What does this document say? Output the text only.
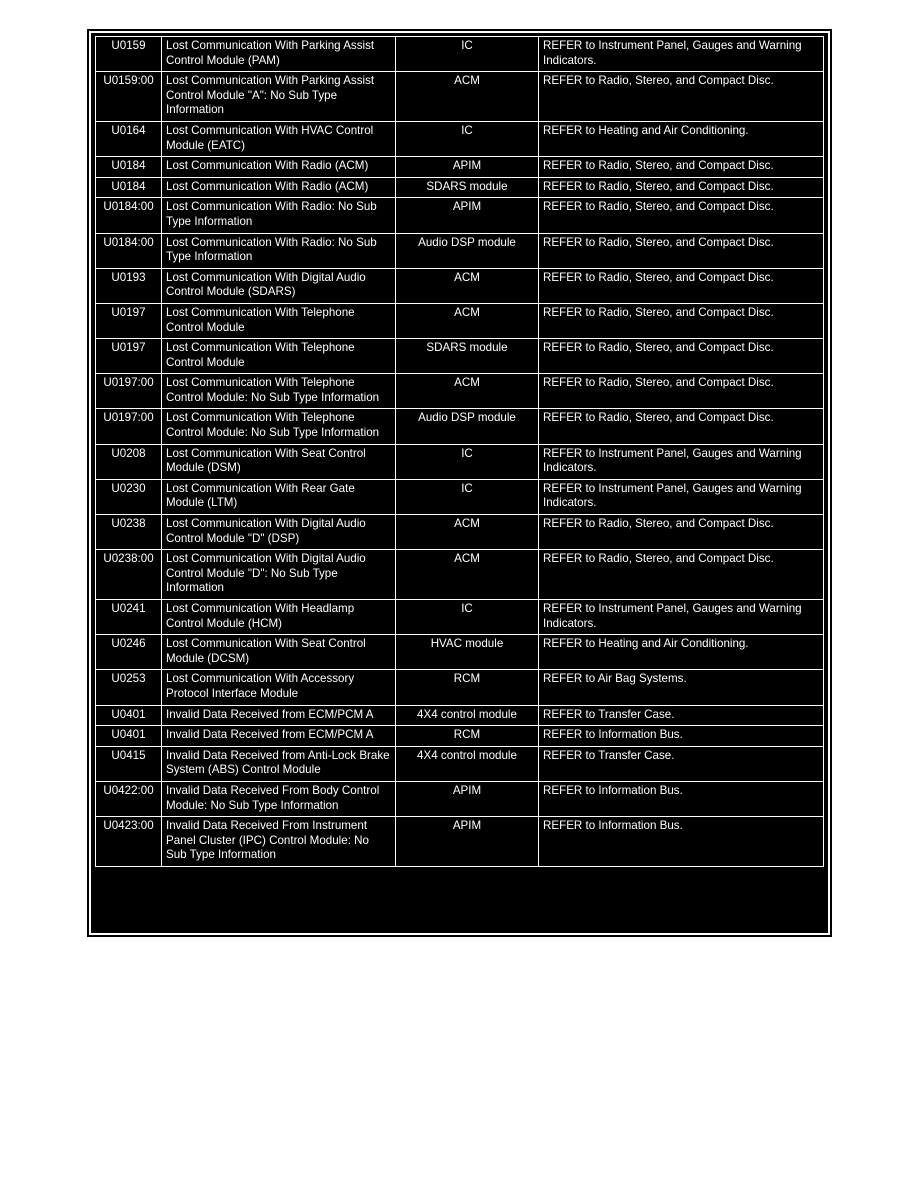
U0159	Lost Communication With Parking Assist Control Module (PAM)	IC	REFER to Instrument Panel, Gauges and Warning Indicators.
U0159:00	Lost Communication With Parking Assist Control Module "A": No Sub Type Information	ACM	REFER to Radio, Stereo, and Compact Disc.
U0164	Lost Communication With HVAC Control Module (EATC)	IC	REFER to Heating and Air Conditioning.
U0184	Lost Communication With Radio (ACM)	APIM	REFER to Radio, Stereo, and Compact Disc.
U0184	Lost Communication With Radio (ACM)	SDARS module	REFER to Radio, Stereo, and Compact Disc.
U0184:00	Lost Communication With Radio: No Sub Type Information	APIM	REFER to Radio, Stereo, and Compact Disc.
U0184:00	Lost Communication With Radio: No Sub Type Information	Audio DSP module	REFER to Radio, Stereo, and Compact Disc.
U0193	Lost Communication With Digital Audio Control Module (SDARS)	ACM	REFER to Radio, Stereo, and Compact Disc.
U0197	Lost Communication With Telephone Control Module	ACM	REFER to Radio, Stereo, and Compact Disc.
U0197	Lost Communication With Telephone Control Module	SDARS module	REFER to Radio, Stereo, and Compact Disc.
U0197:00	Lost Communication With Telephone Control Module: No Sub Type Information	ACM	REFER to Radio, Stereo, and Compact Disc.
U0197:00	Lost Communication With Telephone Control Module: No Sub Type Information	Audio DSP module	REFER to Radio, Stereo, and Compact Disc.
U0208	Lost Communication With Seat Control Module (DSM)	IC	REFER to Instrument Panel, Gauges and Warning Indicators.
U0230	Lost Communication With Rear Gate Module (LTM)	IC	REFER to Instrument Panel, Gauges and Warning Indicators.
U0238	Lost Communication With Digital Audio Control Module "D" (DSP)	ACM	REFER to Radio, Stereo, and Compact Disc.
U0238:00	Lost Communication With Digital Audio Control Module "D": No Sub Type Information	ACM	REFER to Radio, Stereo, and Compact Disc.
U0241	Lost Communication With Headlamp Control Module (HCM)	IC	REFER to Instrument Panel, Gauges and Warning Indicators.
U0246	Lost Communication With Seat Control Module (DCSM)	HVAC module	REFER to Heating and Air Conditioning.
U0253	Lost Communication With Accessory Protocol Interface Module	RCM	REFER to Air Bag Systems.
U0401	Invalid Data Received from ECM/PCM A	4X4 control module	REFER to Transfer Case.
U0401	Invalid Data Received from ECM/PCM A	RCM	REFER to Information Bus.
U0415	Invalid Data Received from Anti-Lock Brake System (ABS) Control Module	4X4 control module	REFER to Transfer Case.
U0422:00	Invalid Data Received From Body Control Module: No Sub Type Information	APIM	REFER to Information Bus.
U0423:00	Invalid Data Received From Instrument Panel Cluster (IPC) Control Module: No Sub Type Information	APIM	REFER to Information Bus.
